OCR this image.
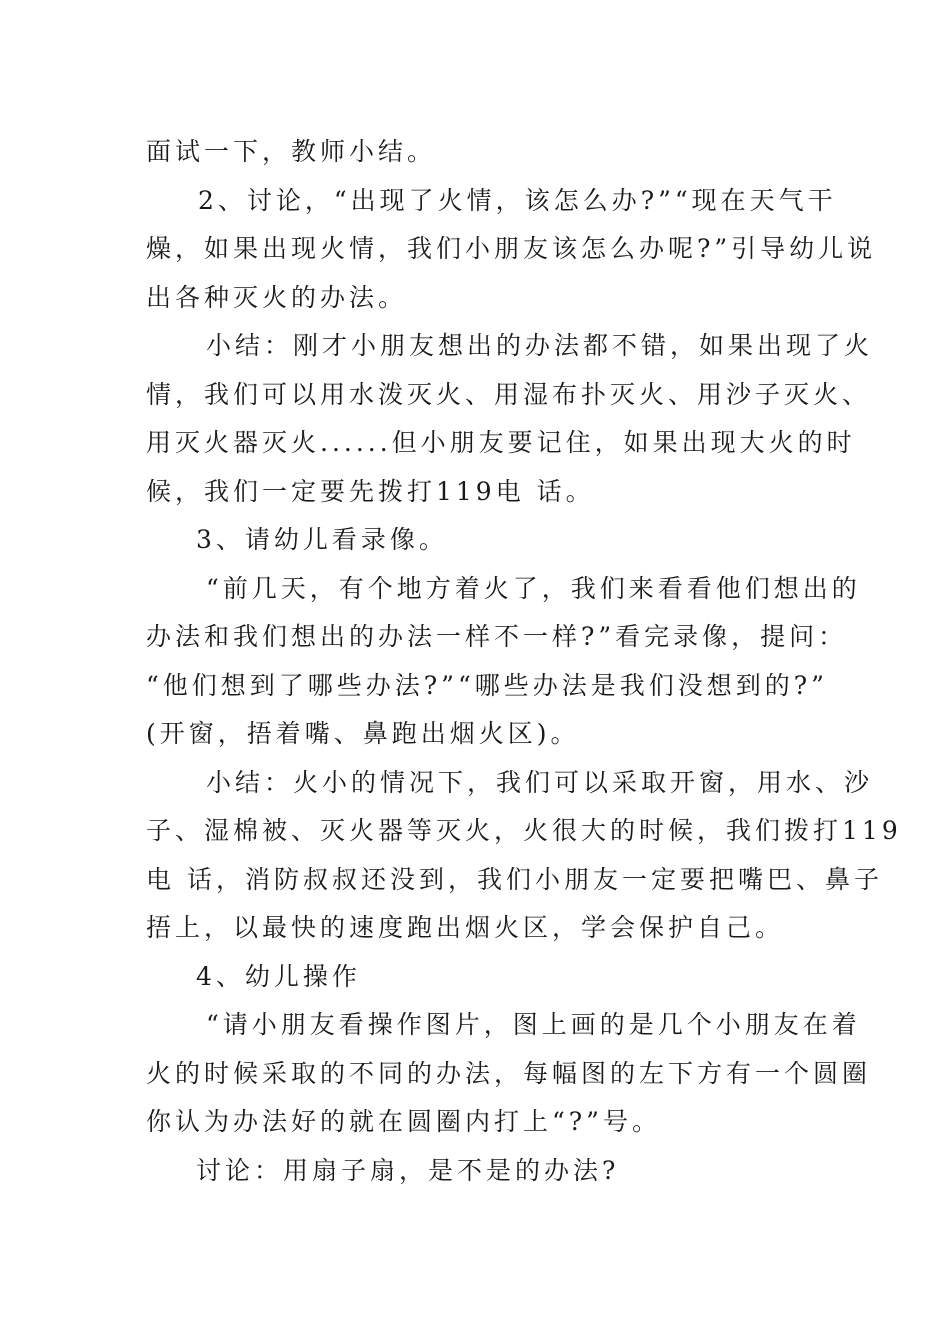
面试一下，教师小结。

2、讨论，“出现了火情，该怎么办?”“现在天气干

燥，如果出现火情，我们小朋友该怎么办呢?”引导幼儿说

出各种灭火的办法。

小结：刚才小朋友想出的办法都不错，如果出现了火

情，我们可以用水泼灭火、用湿布扑灭火、用沙子灭火、

用灭火器灭火......但小朋友要记住，如果出现大火的时

候，我们一定要先拨打119电 话。

3、请幼儿看录像。

“前几天，有个地方着火了，我们来看看他们想出的

办法和我们想出的办法一样不一样?”看完录像，提问：

“他们想到了哪些办法?”“哪些办法是我们没想到的?”

(开窗，捂着嘴、鼻跑出烟火区)。

小结：火小的情况下，我们可以采取开窗，用水、沙

子、湿棉被、灭火器等灭火，火很大的时候，我们拨打119

电 话，消防叔叔还没到，我们小朋友一定要把嘴巴、鼻子

捂上，以最快的速度跑出烟火区，学会保护自己。

4、幼儿操作

“请小朋友看操作图片，图上画的是几个小朋友在着

火的时候采取的不同的办法，每幅图的左下方有一个圆圈

你认为办法好的就在圆圈内打上“?”号。

讨论：用扇子扇，是不是的办法?
